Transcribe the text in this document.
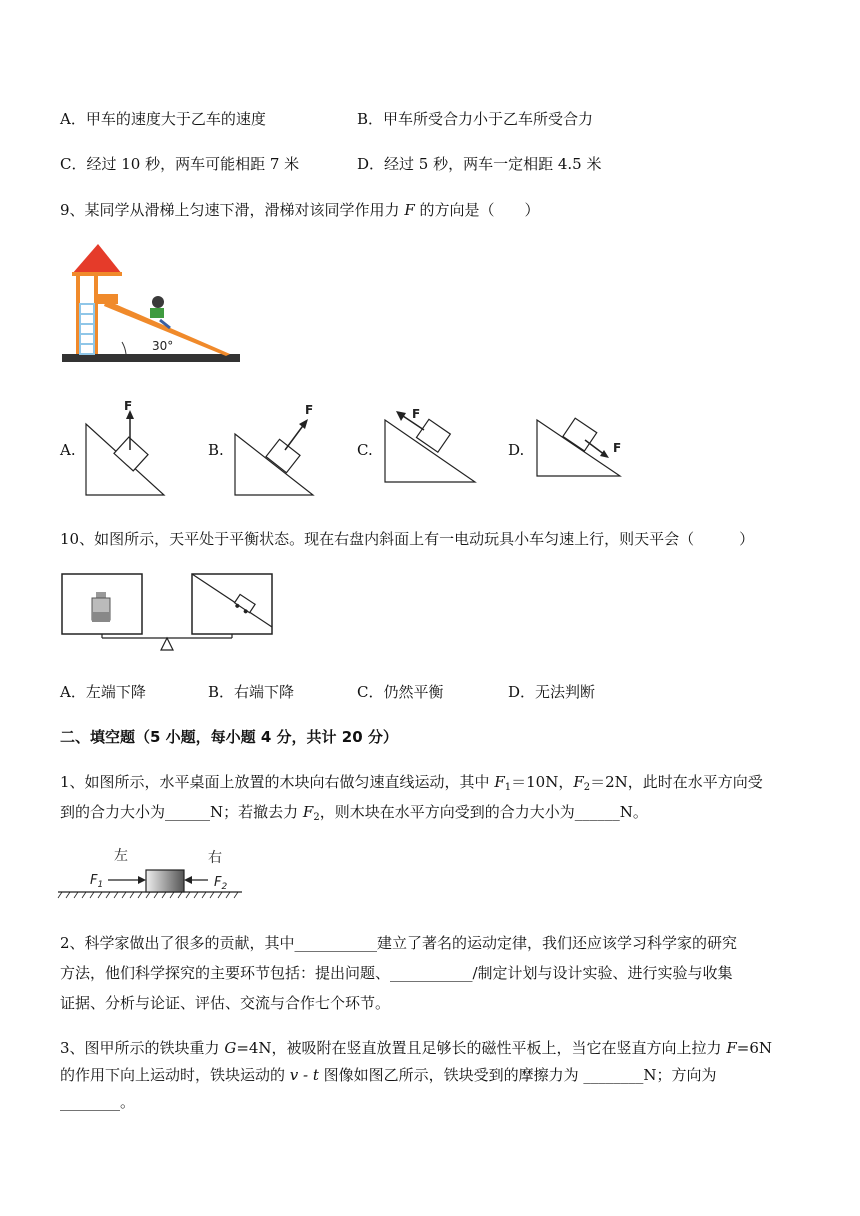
A．甲车的速度大于乙车的速度	B．甲车所受合力小于乙车所受合力
C．经过 10 秒，两车可能相距 7 米	D．经过 5 秒，两车一定相距 4.5 米
9、某同学从滑梯上匀速下滑，滑梯对该同学作用力 F 的方向是（　　）
30°
A.	B.	C.	D.
F	F	F
F
10、如图所示，天平处于平衡状态。现在右盘内斜面上有一电动玩具小车匀速上行，则天平会（　　　）
A．左端下降	B．右端下降	C．仍然平衡	D．无法判断
二、填空题（5 小题，每小题 4 分，共计 20 分）
1、如图所示，水平桌面上放置的木块向右做匀速直线运动，其中 $F_1=10N$，$F_2=2N$，此时在水平方向受
到的合力大小为______N；若撤去力 $F_2$，则木块在水平方向受到的合力大小为______N。
左	右
$F_1$	$F_2$
2、科学家做出了很多的贡献，其中___________建立了著名的运动定律，我们还应该学习科学家的研究
方法，他们科学探究的主要环节包括：提出问题、___________/制定计划与设计实验、进行实验与收集
证据、分析与论证、评估、交流与合作七个环节。
3、图甲所示的铁块重力 G=4N，被吸附在竖直放置且足够长的磁性平板上，当它在竖直方向上拉力 F=6N
的作用下向上运动时，铁块运动的 v - t 图像如图乙所示，铁块受到的摩擦力为 ________N；方向为
________。
